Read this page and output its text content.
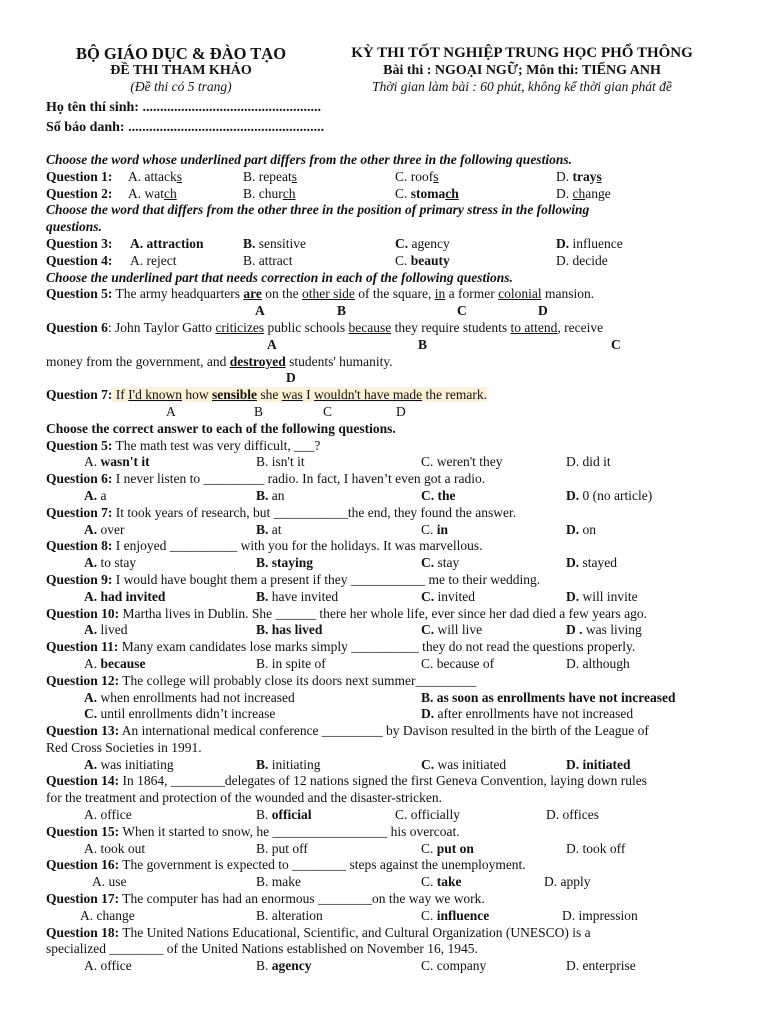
BỘ GIÁO DỤC & ĐÀO TẠO
ĐỀ THI THAM KHẢO
(Đề thi có 5 trang)
KỲ THI TỐT NGHIỆP TRUNG HỌC PHỔ THÔNG
Bài thi : NGOẠI NGỮ; Môn thi: TIẾNG ANH
Thời gian làm bài : 60 phút, không kể thời gian phát đề
Họ tên thí sinh: ...................................................
Số báo danh: ........................................................
Choose the word whose underlined part differs from the other three in the following questions.
Question 1: A. attacks	B. repeats	C. roofs	D. trays
Question 2: A. watch	B. church	C. stomach	D. change
Choose the word that differs from the other three in the position of primary stress in the following
questions.
Question 3: A. attraction	B. sensitive	C. agency	D. influence
Question 4: A. reject	B. attract	C. beauty	D. decide
Choose the underlined part that needs correction in each of the following questions.
Question 5: The army headquarters are on the other side of the square, in a former colonial mansion.
A	B	C	D
Question 6: John Taylor Gatto criticizes public schools because they require students to attend, receive
A	B	C
money from the government, and destroyed students' humanity.
D
Question 7: If I'd known how sensible she was I wouldn't have made the remark.
A	B	C	D
Choose the correct answer to each of the following questions.
Question 5: The math test was very difficult, ___?
A. wasn't it	B. isn't it	C. weren't they	D. did it
Question 6: I never listen to _________ radio. In fact, I haven’t even got a radio.
A. a	B. an	C. the	D. 0 (no article)
Question 7: It took years of research, but ___________the end, they found the answer.
A. over	B. at	C. in	D. on
Question 8: I enjoyed __________ with you for the holidays. It was marvellous.
A. to stay	B. staying	C. stay	D. stayed
Question 9: I would have bought them a present if they ___________ me to their wedding.
A. had invited	B. have invited	C. invited	D. will invite
Question 10: Martha lives in Dublin. She ______ there her whole life, ever since her dad died a few years ago.
A. lived	B. has lived	C. will live	D . was living
Question 11: Many exam candidates lose marks simply __________ they do not read the questions properly.
A. because	B. in spite of	C. because of	D. although
Question 12: The college will probably close its doors next summer_________
A. when enrollments had not increased	B. as soon as enrollments have not increased
C. until enrollments didn’t increase	D. after enrollments have not increased
Question 13: An international medical conference _________ by Davison resulted in the birth of the League of
Red Cross Societies in 1991.
A. was initiating	B. initiating	C. was initiated	D. initiated
Question 14: In 1864, ________delegates of 12 nations signed the first Geneva Convention, laying down rules
for the treatment and protection of the wounded and the disaster-stricken.
A. office	B. official	C. officially	D. offices
Question 15: When it started to snow, he _________________ his overcoat.
A. took out	B. put off	C. put on	D. took off
Question 16: The government is expected to ________ steps against the unemployment.
A. use	B. make	C. take	D. apply
Question 17: The computer has had an enormous ________on the way we work.
A. change	B. alteration	C. influence	D. impression
Question 18: The United Nations Educational, Scientific, and Cultural Organization (UNESCO) is a
specialized ________ of the United Nations established on November 16, 1945.
A. office	B. agency	C. company	D. enterprise
